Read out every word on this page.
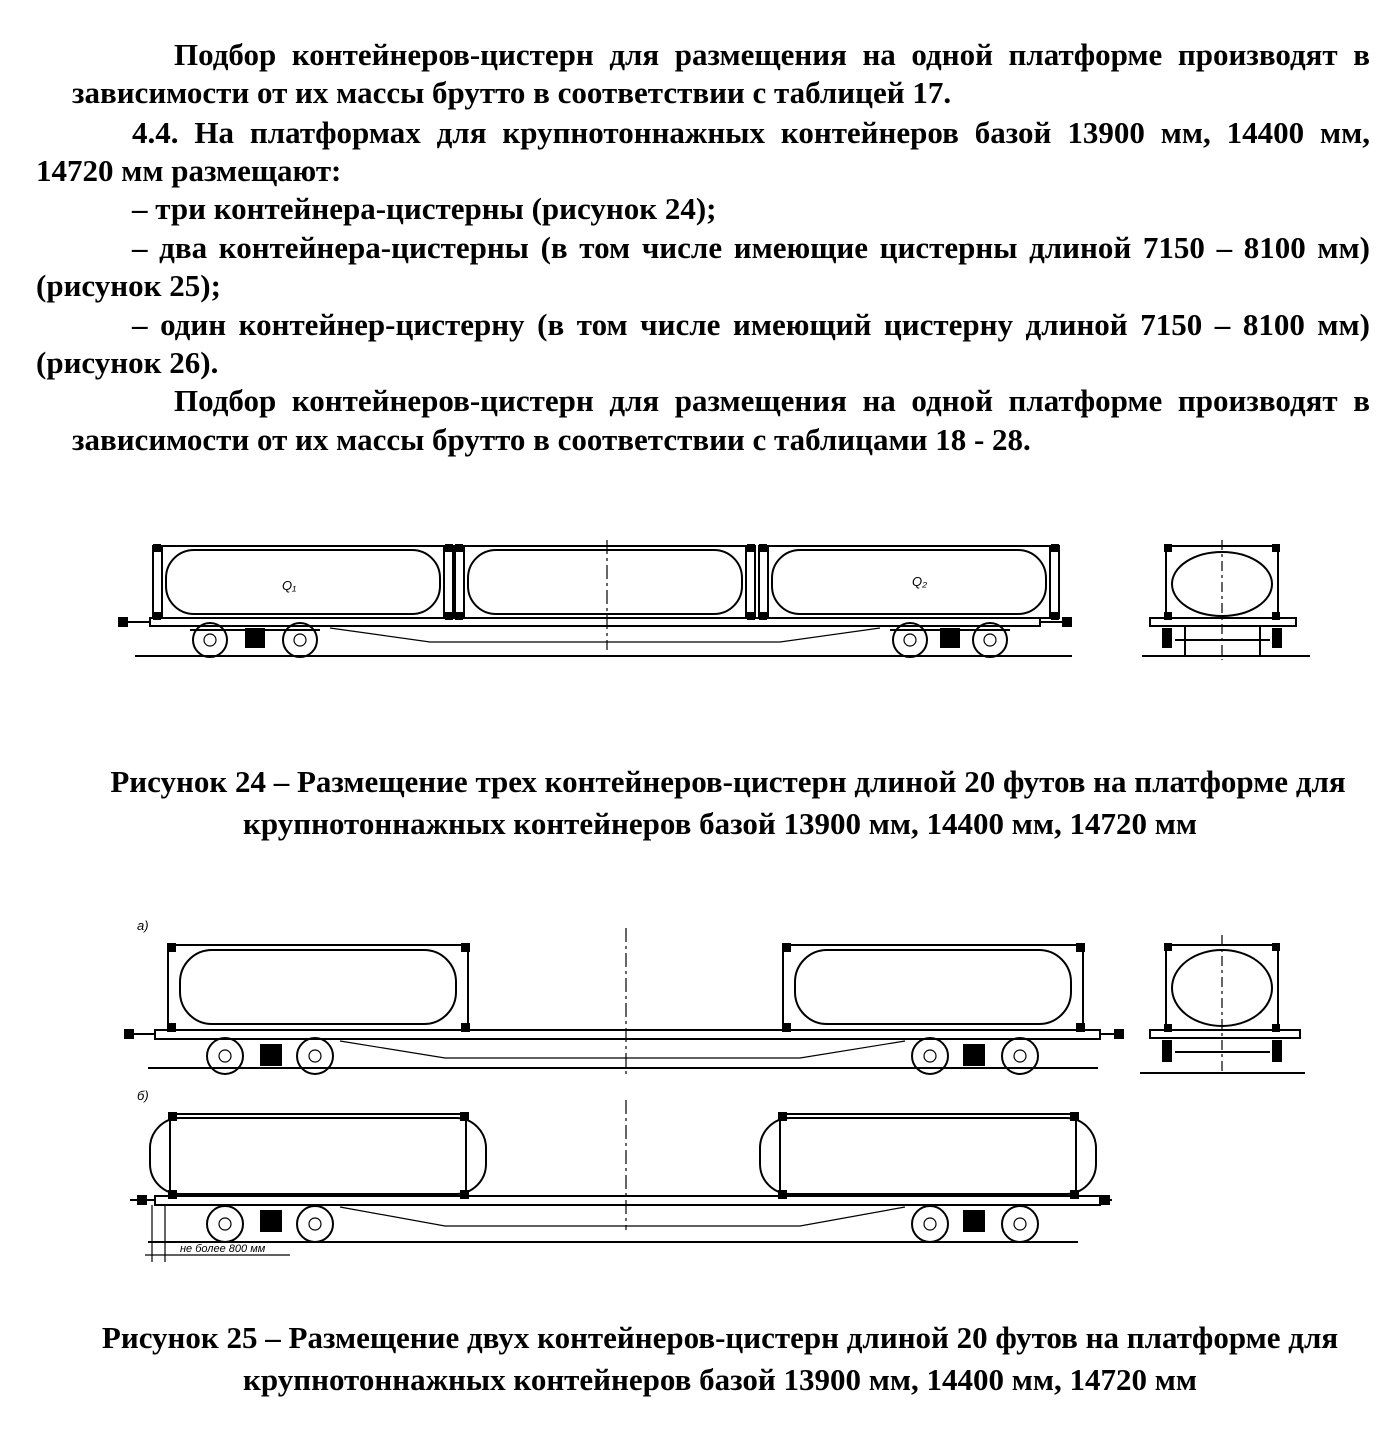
Подбор контейнеров-цистерн для размещения на одной платформе производят в
зависимости от их массы брутто в соответствии с таблицей 17.
4.4. На платформах для крупнотоннажных контейнеров базой 13900 мм, 14400 мм,
14720 мм размещают:
– три контейнера-цистерны (рисунок 24);
– два контейнера-цистерны (в том числе имеющие цистерны длиной 7150 – 8100 мм)
(рисунок 25);
– один контейнер-цистерну (в том числе имеющий цистерну длиной 7150 – 8100 мм)
(рисунок 26).
Подбор контейнеров-цистерн для размещения на одной платформе производят в
зависимости от их массы брутто в соответствии с таблицами 18 - 28.
Q₁	Q₂
Рисунок 24 – Размещение трех контейнеров-цистерн длиной 20 футов на платформе для
крупнотоннажных контейнеров базой 13900 мм, 14400 мм, 14720 мм
а)
б)
не более 800 мм
Рисунок 25 – Размещение двух контейнеров-цистерн длиной 20 футов на платформе для
крупнотоннажных контейнеров базой 13900 мм, 14400 мм, 14720 мм
